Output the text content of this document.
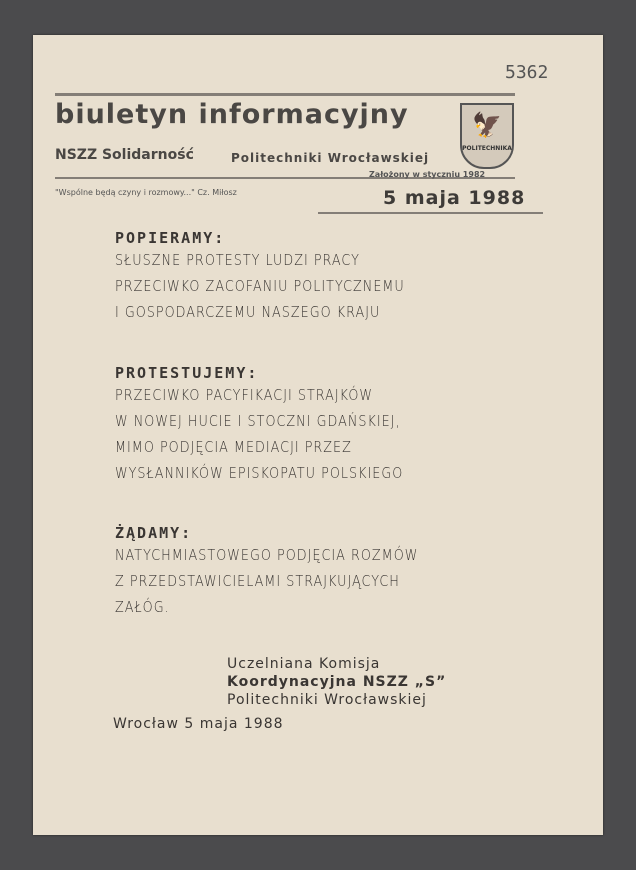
5362
biuletyn informacyjny
NSZZ Solidarność	Politechniki Wrocławskiej
🦅
POLITECHNIKA
Założony w styczniu 1982
"Wspólne będą czyny i rozmowy..." Cz. Miłosz	5 maja 1988
POPIERAMY:
SŁUSZNE PROTESTY LUDZI PRACY
PRZECIWKO ZACOFANIU POLITYCZNEMU
I GOSPODARCZEMU NASZEGO KRAJU
PROTESTUJEMY:
PRZECIWKO PACYFIKACJI STRAJKÓW
W NOWEJ HUCIE I STOCZNI GDAŃSKIEJ,
MIMO PODJĘCIA MEDIACJI PRZEZ
WYSŁANNIKÓW EPISKOPATU POLSKIEGO
ŻĄDAMY:
NATYCHMIASTOWEGO PODJĘCIA ROZMÓW
Z PRZEDSTAWICIELAMI STRAJKUJĄCYCH
ZAŁÓG.
Uczelniana Komisja
Koordynacyjna NSZZ „S”
Politechniki Wrocławskiej
Wrocław 5 maja 1988
